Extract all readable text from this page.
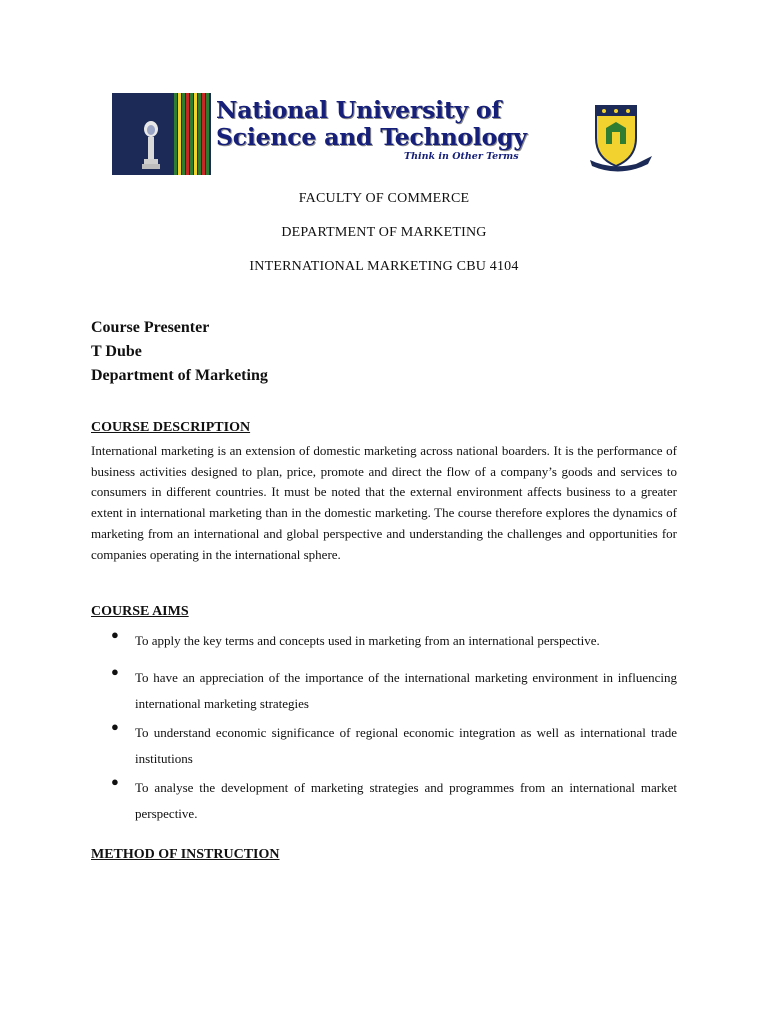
National University of
Science and Technology
Think in Other Terms
FACULTY OF COMMERCE
DEPARTMENT OF MARKETING
INTERNATIONAL MARKETING CBU 4104
Course Presenter
T Dube
Department of Marketing
COURSE DESCRIPTION

International marketing is an extension of domestic marketing across national boarders. It is the performance of business activities designed to plan, price, promote and direct the flow of a company’s goods and services to consumers in different countries. It must be noted that the external environment affects business to a greater extent in international marketing than in the domestic marketing. The course therefore explores the dynamics of marketing from an international and global perspective and understanding the challenges and opportunities for companies operating in the international sphere.

COURSE AIMS
● To apply the key terms and concepts used in marketing from an international perspective.
● To have an appreciation of the importance of the international marketing environment in influencing international marketing strategies
● To understand economic significance of regional economic integration as well as international trade institutions
● To analyse the development of marketing strategies and programmes from an international market perspective.
METHOD OF INSTRUCTION
